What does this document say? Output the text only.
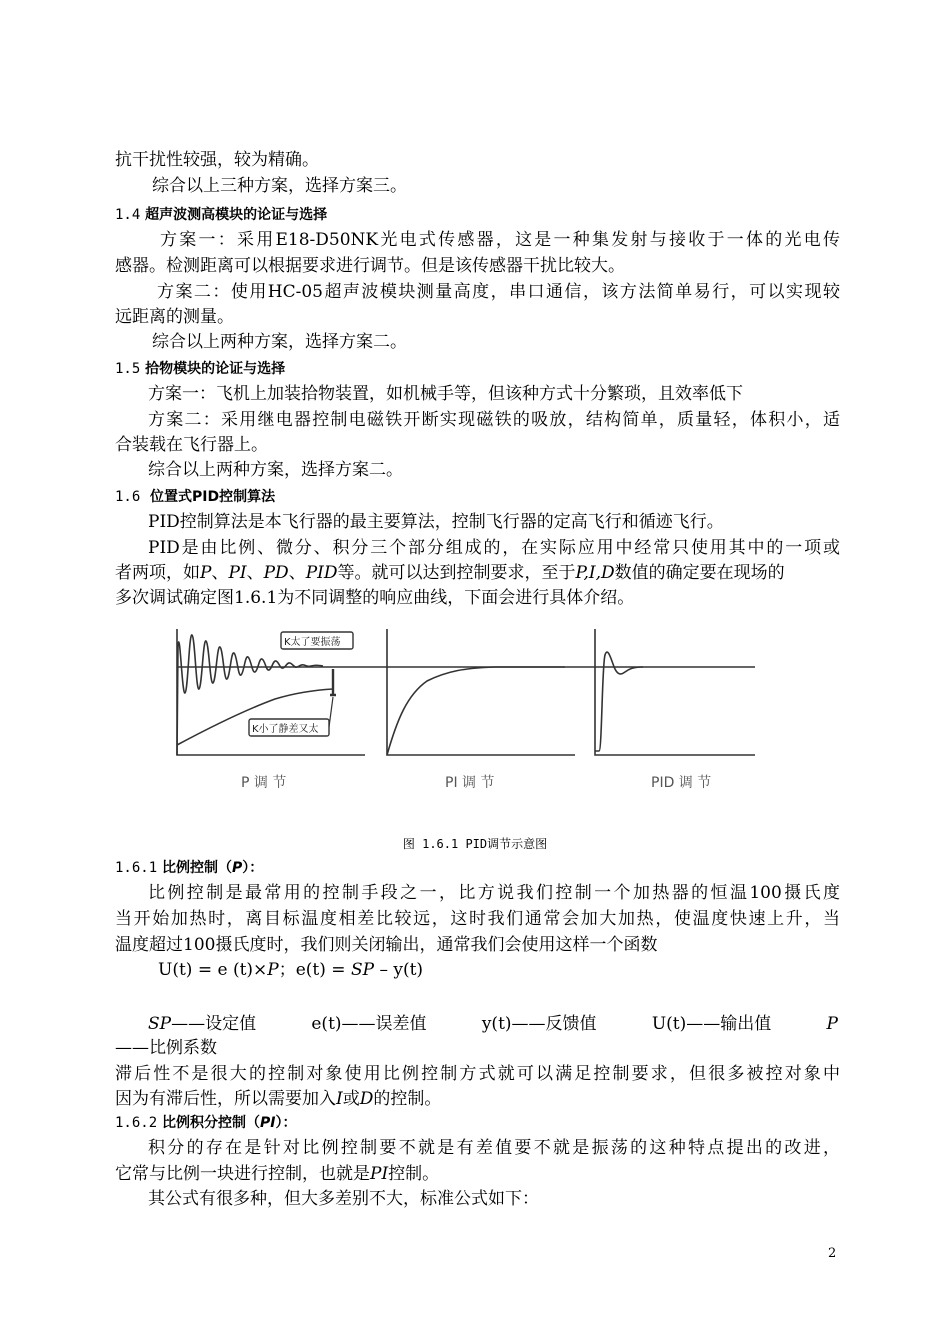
抗干扰性较强，较为精确。
综合以上三种方案，选择方案三。
1.4 超声波测高模块的论证与选择
方案一：采用E18-D50NK光电式传感器，这是一种集发射与接收于一体的光电传
感器。检测距离可以根据要求进行调节。但是该传感器干扰比较大。
方案二：使用HC-05超声波模块测量高度，串口通信，该方法简单易行，可以实现较
远距离的测量。
综合以上两种方案，选择方案二。
1.5 拾物模块的论证与选择
方案一：飞机上加装拾物装置，如机械手等，但该种方式十分繁琐，且效率低下
方案二：采用继电器控制电磁铁开断实现磁铁的吸放，结构简单，质量轻，体积小，适
合装载在飞行器上。
综合以上两种方案，选择方案二。
1.6 位置式PID控制算法
PID控制算法是本飞行器的最主要算法，控制飞行器的定高飞行和循迹飞行。
PID是由比例、微分、积分三个部分组成的，在实际应用中经常只使用其中的一项或
者两项，如P、PI、PD、PID等。就可以达到控制要求，至于P,I,D数值的确定要在现场的
多次调试确定图1.6.1为不同调整的响应曲线，下面会进行具体介绍。
K太了要振荡
K小了静差又太
P 调 节	PI 调 节	PID 调 节
图 1.6.1 PID调节示意图
1.6.1 比例控制（P）：
比例控制是最常用的控制手段之一，比方说我们控制一个加热器的恒温100摄氏度
当开始加热时，离目标温度相差比较远，这时我们通常会加大加热，使温度快速上升，当
温度超过100摄氏度时，我们则关闭输出，通常我们会使用这样一个函数
U(t) = e (t)×P；e(t) = SP – y(t)
SP——设定值	e(t)——误差值	y(t)——反馈值	U(t)——输出值	P
——比例系数
滞后性不是很大的控制对象使用比例控制方式就可以满足控制要求，但很多被控对象中
因为有滞后性，所以需要加入I或D的控制。
1.6.2 比例积分控制（PI）：
积分的存在是针对比例控制要不就是有差值要不就是振荡的这种特点提出的改进，
它常与比例一块进行控制，也就是PI控制。
其公式有很多种，但大多差别不大，标准公式如下：
2
